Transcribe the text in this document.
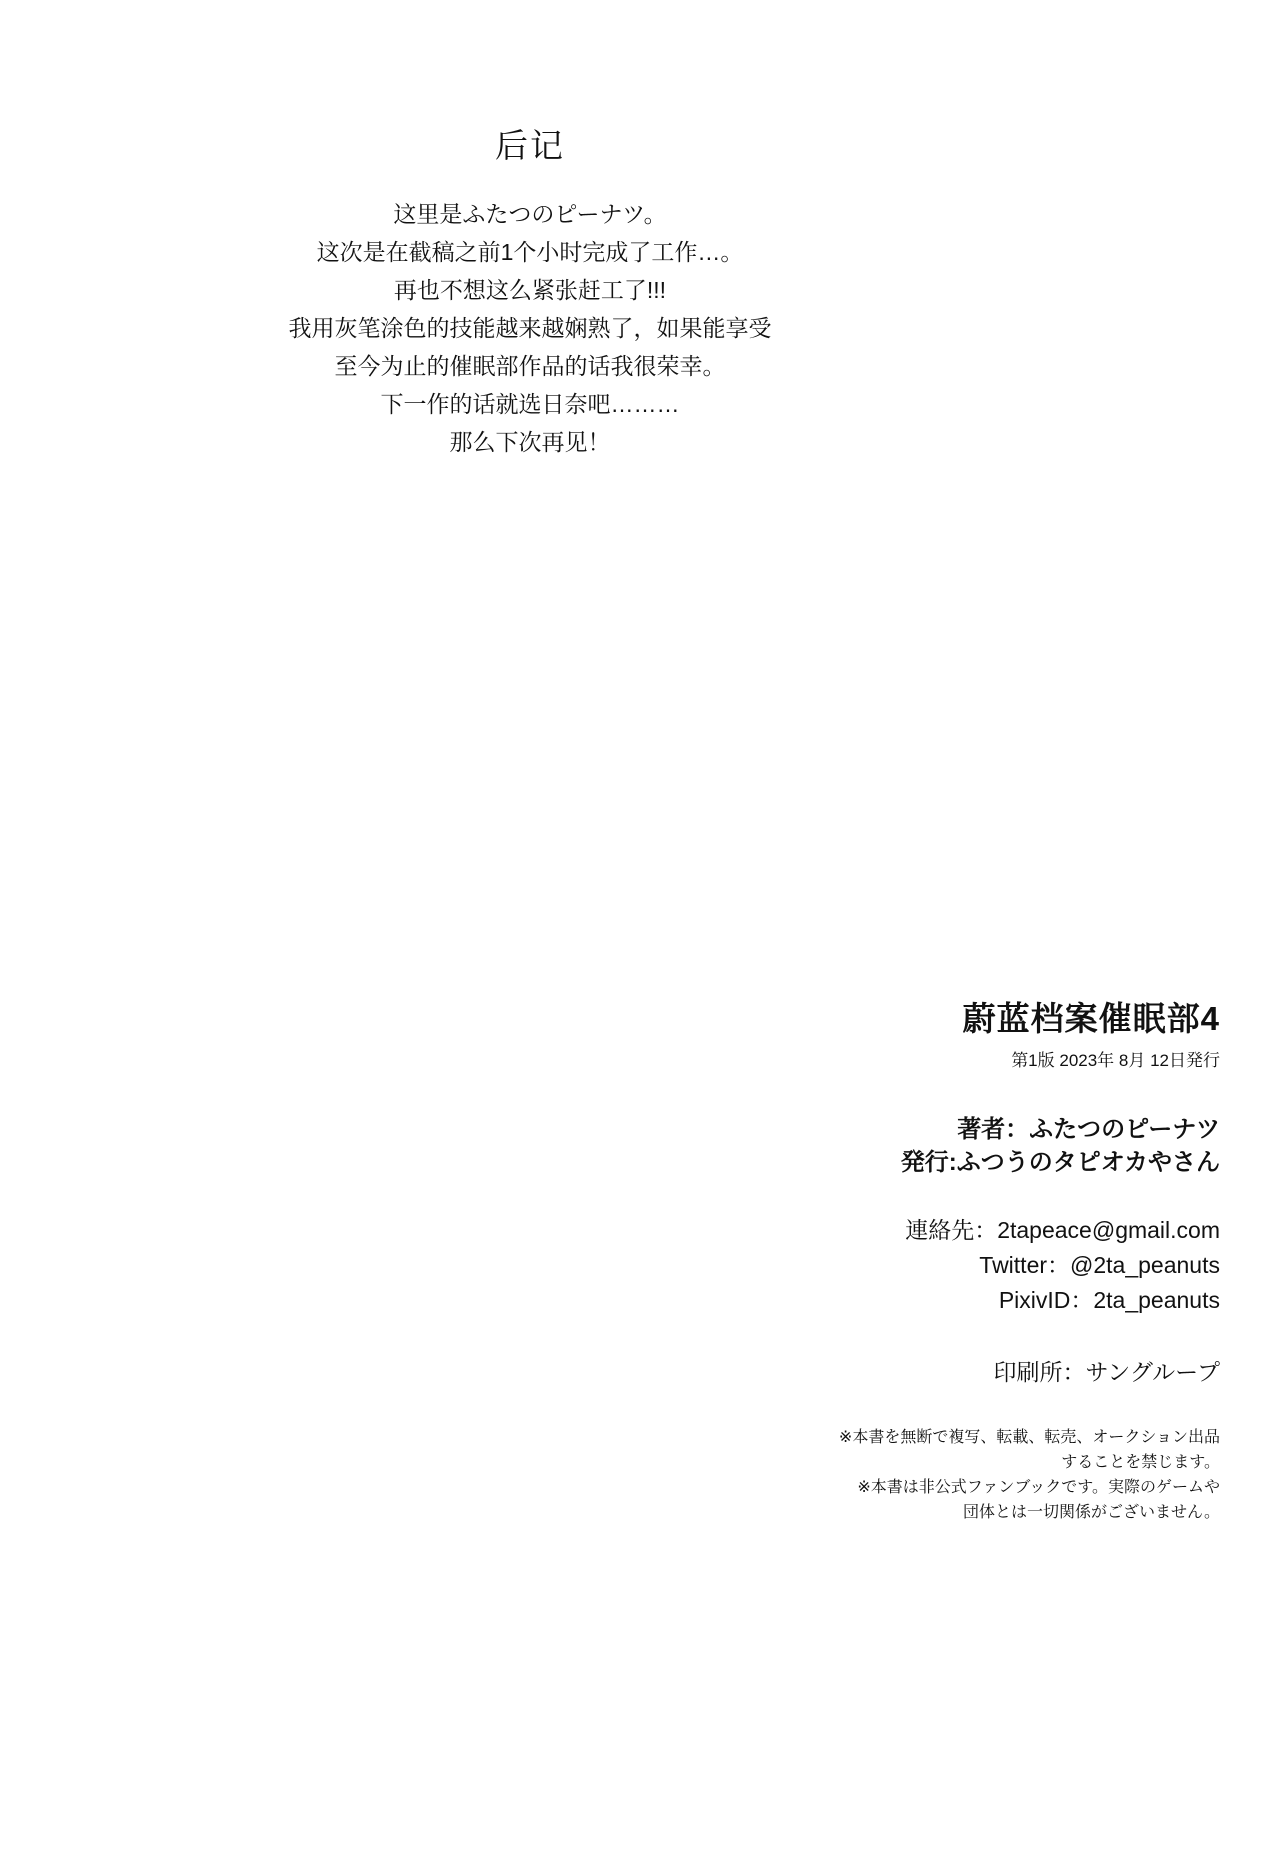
后记
这里是ふたつのピーナツ。
这次是在截稿之前1个小时完成了工作…。
再也不想这么紧张赶工了!!!
我用灰笔涂色的技能越来越娴熟了，如果能享受
至今为止的催眠部作品的话我很荣幸。
下一作的话就选日奈吧………
那么下次再见！
蔚蓝档案催眠部4
第1版 2023年 8月 12日発行
著者：ふたつのピーナツ
発行:ふつうのタピオカやさん
連絡先：2tapeace@gmail.com
Twitter：@2ta_peanuts
PixivID：2ta_peanuts
印刷所：サングループ
※本書を無断で複写、転載、転売、オークション出品
することを禁じます。
※本書は非公式ファンブックです。実際のゲームや
団体とは一切関係がございません。
